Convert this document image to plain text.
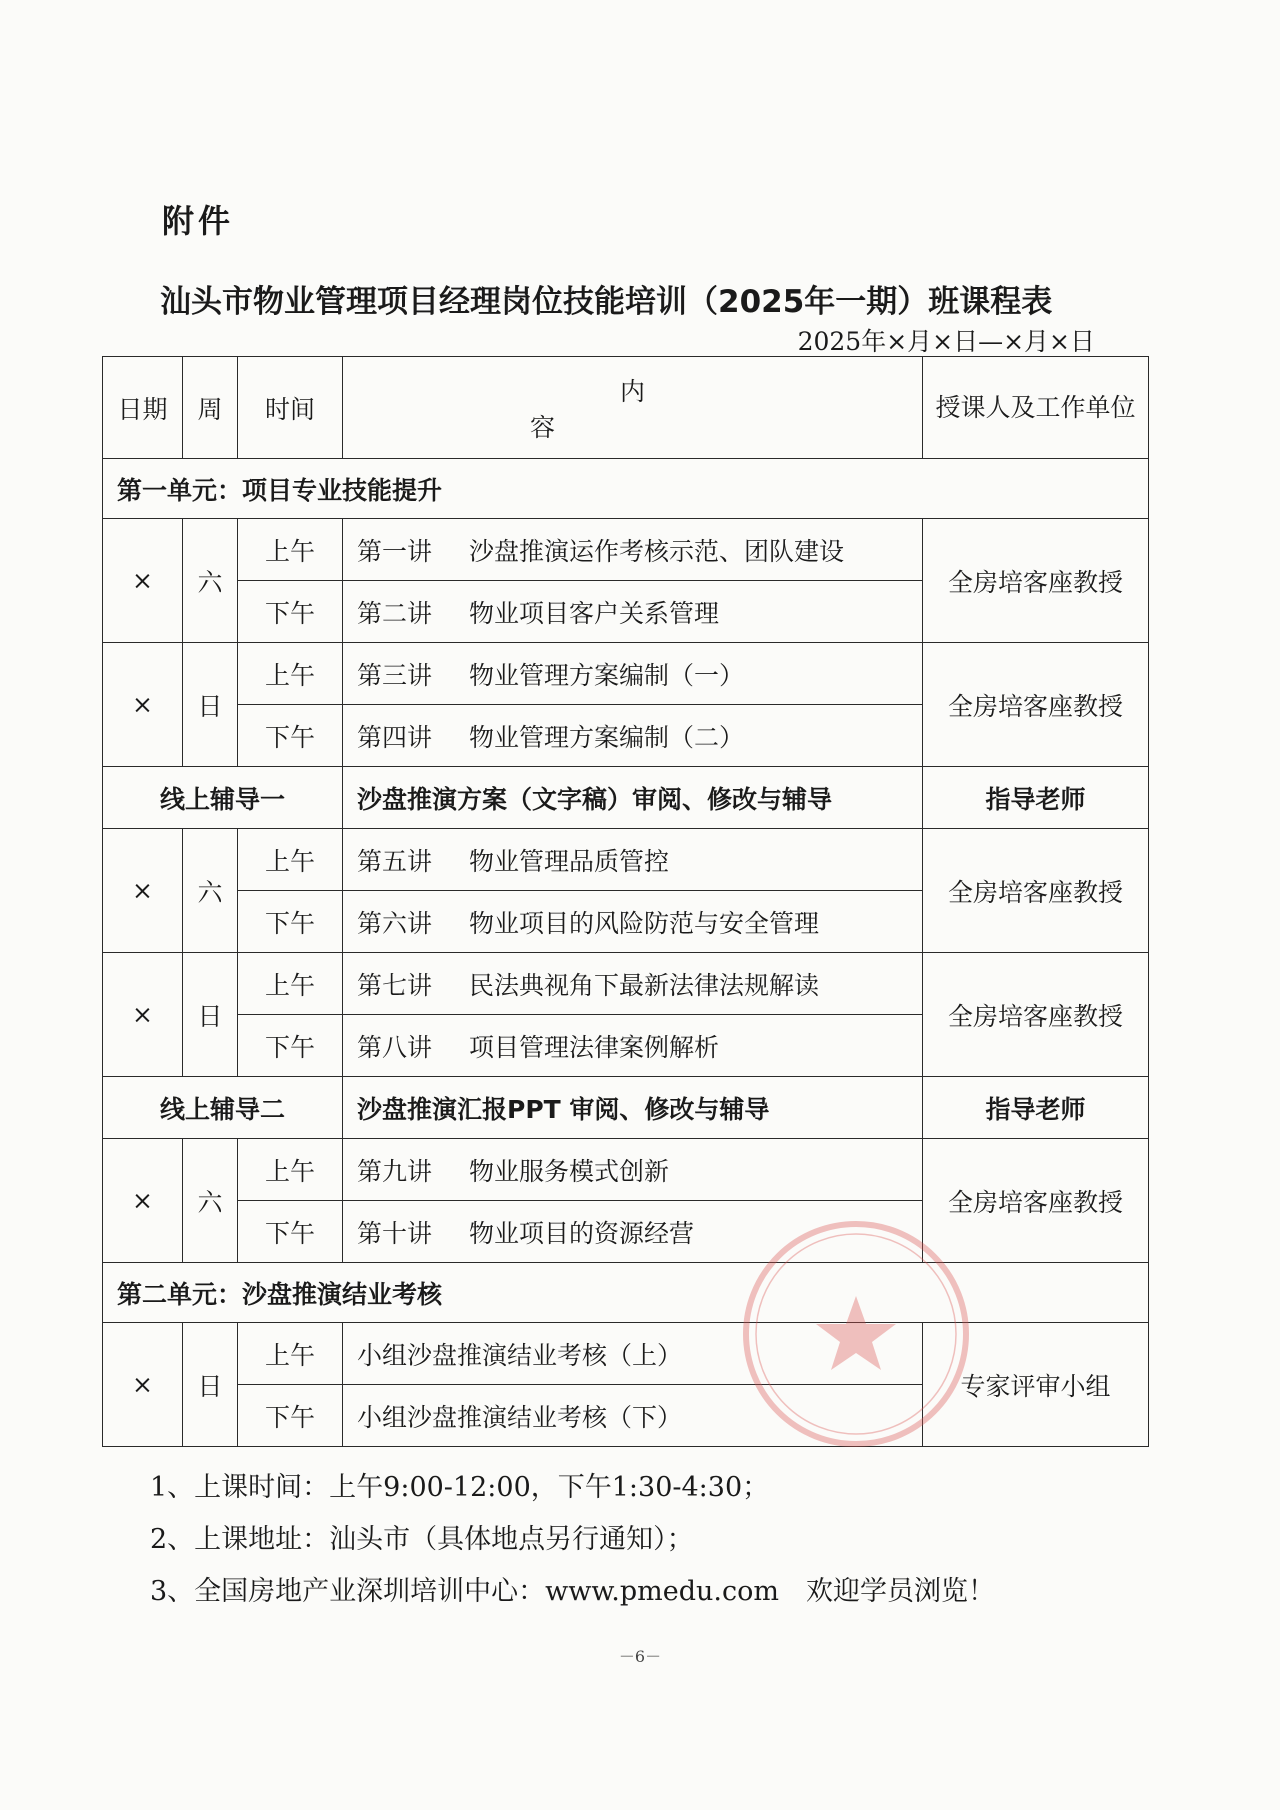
附件
汕头市物业管理项目经理岗位技能培训（2025年一期）班课程表
2025年×月×日—×月×日
日期	周	时间	内容	授课人及工作单位
第一单元：项目专业技能提升				
×	六	上午	第一讲 沙盘推演运作考核示范、团队建设	全房培客座教授
		下午	第二讲 物业项目客户关系管理	
×	日	上午	第三讲 物业管理方案编制（一）	全房培客座教授
		下午	第四讲 物业管理方案编制（二）	
线上辅导一			沙盘推演方案（文字稿）审阅、修改与辅导	指导老师
×	六	上午	第五讲 物业管理品质管控	全房培客座教授
		下午	第六讲 物业项目的风险防范与安全管理	
×	日	上午	第七讲 民法典视角下最新法律法规解读	全房培客座教授
		下午	第八讲 项目管理法律案例解析	
线上辅导二			沙盘推演汇报PPT 审阅、修改与辅导	指导老师
×	六	上午	第九讲 物业服务模式创新	全房培客座教授
		下午	第十讲 物业项目的资源经营	
第二单元：沙盘推演结业考核				
×	日	上午	小组沙盘推演结业考核（上）	专家评审小组
		下午	小组沙盘推演结业考核（下）	
1、上课时间：上午9:00-12:00，下午1:30-4:30；
2、上课地址：汕头市（具体地点另行通知）；
3、全国房地产业深圳培训中心：www.pmedu.com　欢迎学员浏览！
－6－
